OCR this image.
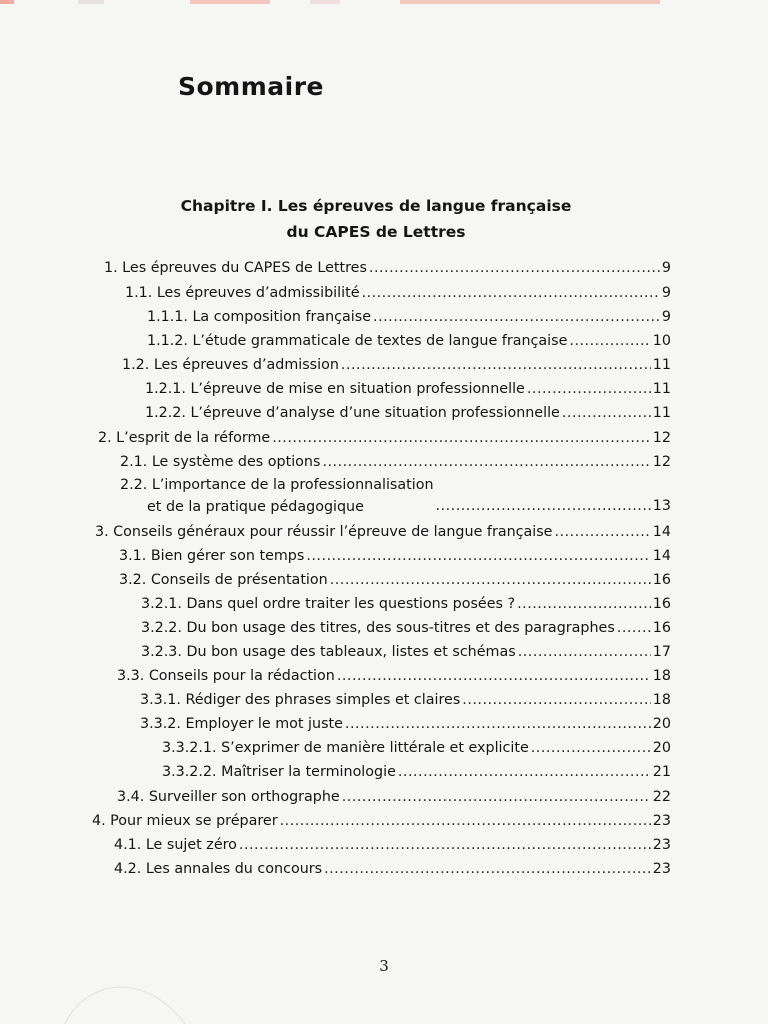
Sommaire
Chapitre I. Les épreuves de langue française
du CAPES de Lettres
1. Les épreuves du CAPES de Lettres .....	9
1.1. Les épreuves d’admissibilité .....	9
1.1.1. La composition française .....	9
1.1.2. L’étude grammaticale de textes de langue française .....	10
1.2. Les épreuves d’admission .....	11
1.2.1. L’épreuve de mise en situation professionnelle .....	11
1.2.2. L’épreuve d’analyse d’une situation professionnelle .....	11
2. L’esprit de la réforme .....	12
2.1. Le système des options .....	12
2.2. L’importance de la professionnalisation
et de la pratique pédagogique .....	13
3. Conseils généraux pour réussir l’épreuve de langue française .....	14
3.1. Bien gérer son temps .....	14
3.2. Conseils de présentation .....	16
3.2.1. Dans quel ordre traiter les questions posées ? .....	16
3.2.2. Du bon usage des titres, des sous-titres et des paragraphes .....	16
3.2.3. Du bon usage des tableaux, listes et schémas .....	17
3.3. Conseils pour la rédaction .....	18
3.3.1. Rédiger des phrases simples et claires .....	18
3.3.2. Employer le mot juste .....	20
3.3.2.1. S’exprimer de manière littérale et explicite .....	20
3.3.2.2. Maîtriser la terminologie .....	21
3.4. Surveiller son orthographe .....	22
4. Pour mieux se préparer .....	23
4.1. Le sujet zéro .....	23
4.2. Les annales du concours .....	23
3
